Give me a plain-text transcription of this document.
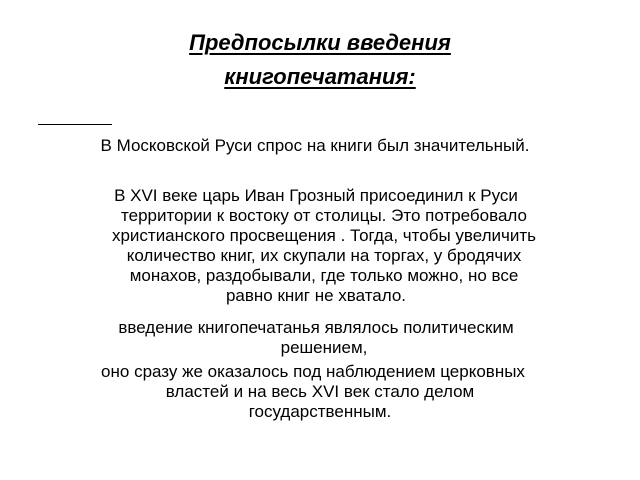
Предпосылки введения
книгопечатания:
В Московской Руси спрос на книги был значительный.
В XVI веке царь Иван Грозный присоединил к Руси
территории к востоку от столицы. Это потребовало
христианского просвещения . Тогда, чтобы увеличить
количество книг, их скупали на торгах, у бродячих
монахов, раздобывали, где только можно, но все
равно книг не хватало.
введение книгопечатанья являлось политическим
решением,
оно сразу же оказалось под наблюдением церковных
властей и на весь XVI век стало делом
государственным.
